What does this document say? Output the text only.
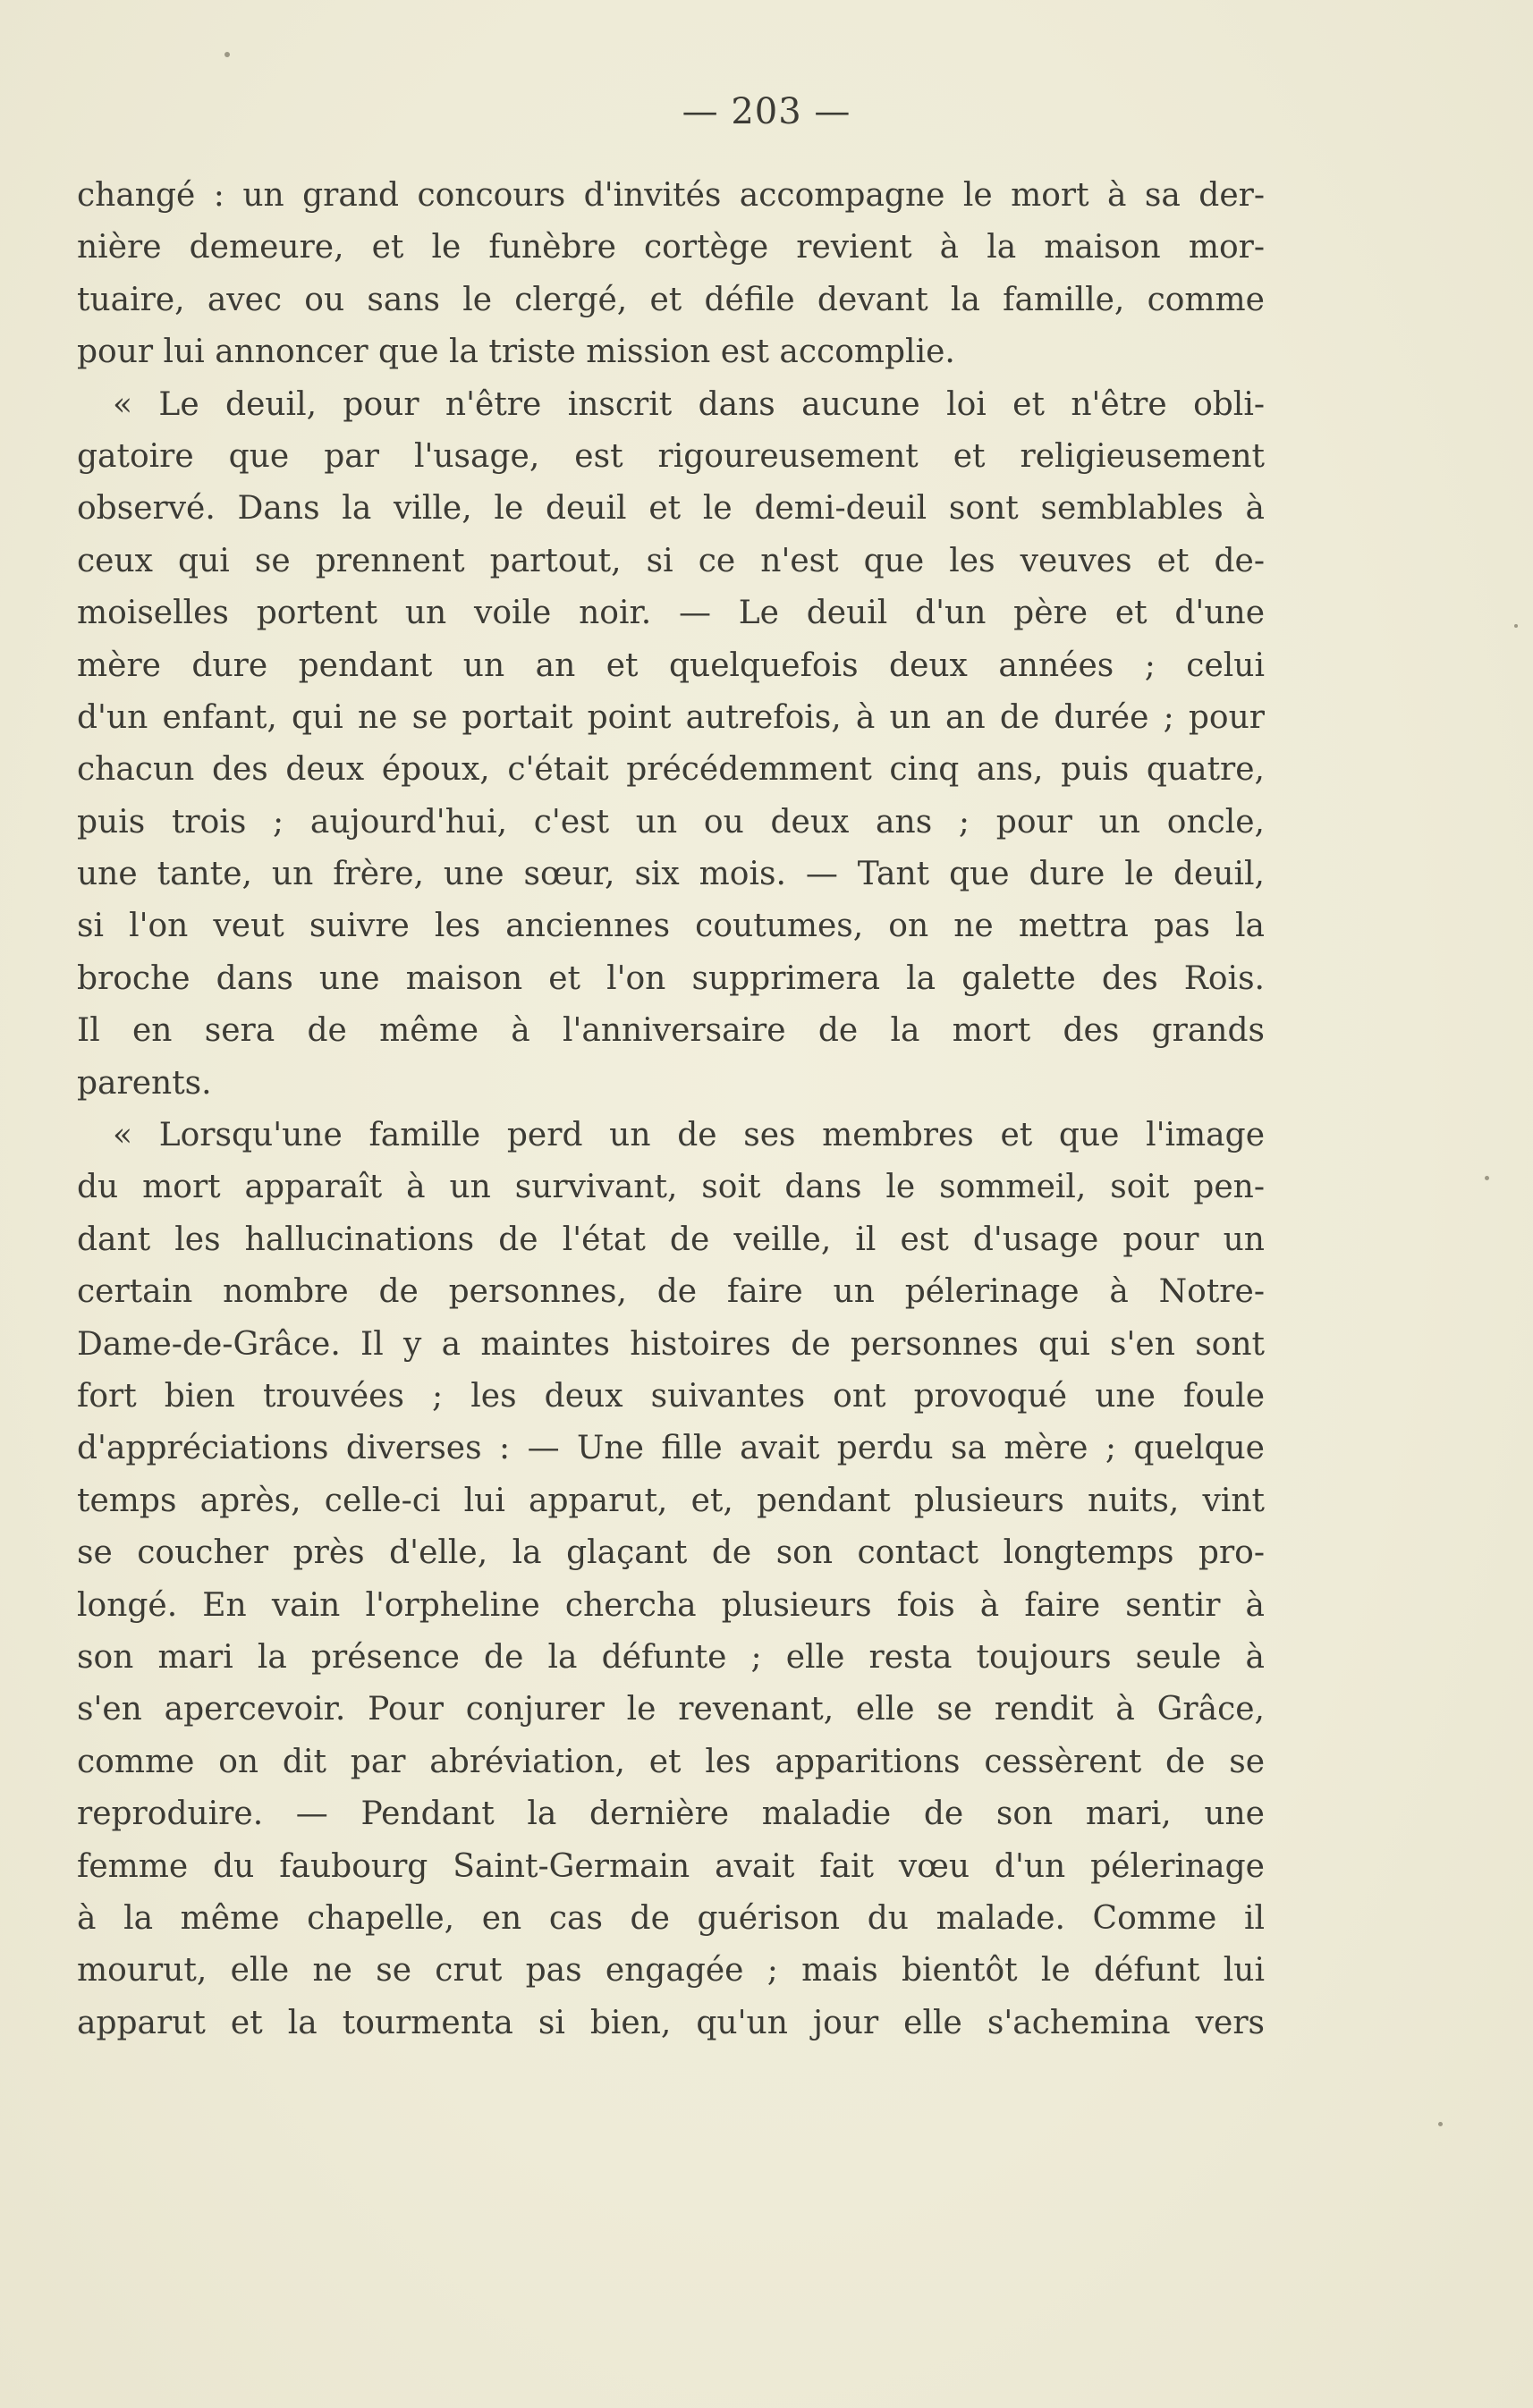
— 203 —
changé : un grand concours d'invités accompagne le mort à sa der-
nière demeure, et le funèbre cortège revient à la maison mor-
tuaire, avec ou sans le clergé, et défile devant la famille, comme
pour lui annoncer que la triste mission est accomplie.
« Le deuil, pour n'être inscrit dans aucune loi et n'être obli-
gatoire que par l'usage, est rigoureusement et religieusement
observé. Dans la ville, le deuil et le demi-deuil sont semblables à
ceux qui se prennent partout, si ce n'est que les veuves et de-
moiselles portent un voile noir. — Le deuil d'un père et d'une
mère dure pendant un an et quelquefois deux années ; celui
d'un enfant, qui ne se portait point autrefois, à un an de durée ; pour
chacun des deux époux, c'était précédemment cinq ans, puis quatre,
puis trois ; aujourd'hui, c'est un ou deux ans ; pour un oncle,
une tante, un frère, une sœur, six mois. — Tant que dure le deuil,
si l'on veut suivre les anciennes coutumes, on ne mettra pas la
broche dans une maison et l'on supprimera la galette des Rois.
Il en sera de même à l'anniversaire de la mort des grands
parents.
« Lorsqu'une famille perd un de ses membres et que l'image
du mort apparaît à un survivant, soit dans le sommeil, soit pen-
dant les hallucinations de l'état de veille, il est d'usage pour un
certain nombre de personnes, de faire un pélerinage à Notre-
Dame-de-Grâce. Il y a maintes histoires de personnes qui s'en sont
fort bien trouvées ; les deux suivantes ont provoqué une foule
d'appréciations diverses : — Une fille avait perdu sa mère ; quelque
temps après, celle-ci lui apparut, et, pendant plusieurs nuits, vint
se coucher près d'elle, la glaçant de son contact longtemps pro-
longé. En vain l'orpheline chercha plusieurs fois à faire sentir à
son mari la présence de la défunte ; elle resta toujours seule à
s'en apercevoir. Pour conjurer le revenant, elle se rendit à Grâce,
comme on dit par abréviation, et les apparitions cessèrent de se
reproduire. — Pendant la dernière maladie de son mari, une
femme du faubourg Saint-Germain avait fait vœu d'un pélerinage
à la même chapelle, en cas de guérison du malade. Comme il
mourut, elle ne se crut pas engagée ; mais bientôt le défunt lui
apparut et la tourmenta si bien, qu'un jour elle s'achemina vers
